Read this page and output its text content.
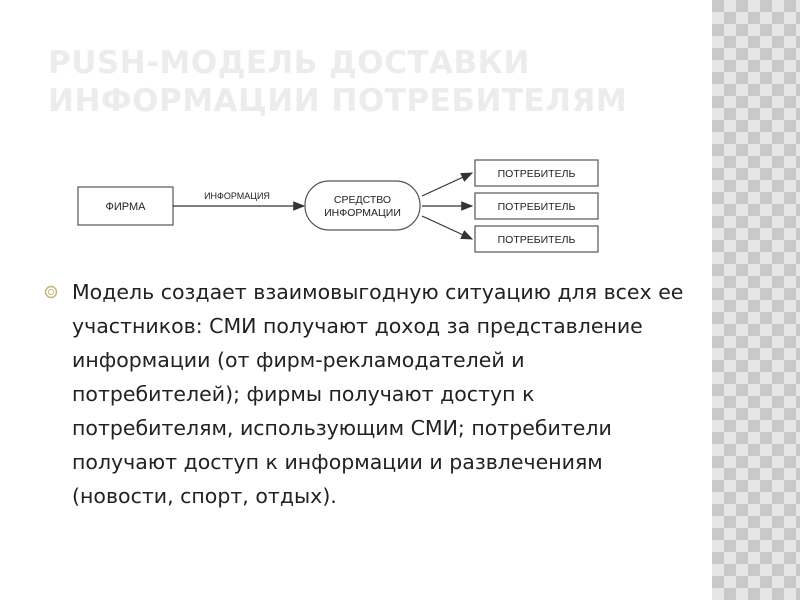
PUSH-МОДЕЛЬ ДОСТАВКИ
ИНФОРМАЦИИ ПОТРЕБИТЕЛЯМ
ФИРМА
ИНФОРМАЦИЯ	СРЕДСТВО
ИНФОРМАЦИИ
ПОТРЕБИТЕЛЬ
ПОТРЕБИТЕЛЬ
ПОТРЕБИТЕЛЬ
Модель создает взаимовыгодную ситуацию для всех ее участников: СМИ получают доход за представление информации (от фирм-рекламодателей и потребителей); фирмы получают доступ к потребителям, использующим СМИ; потребители получают доступ к информации и развлечениям (новости, спорт, отдых).
